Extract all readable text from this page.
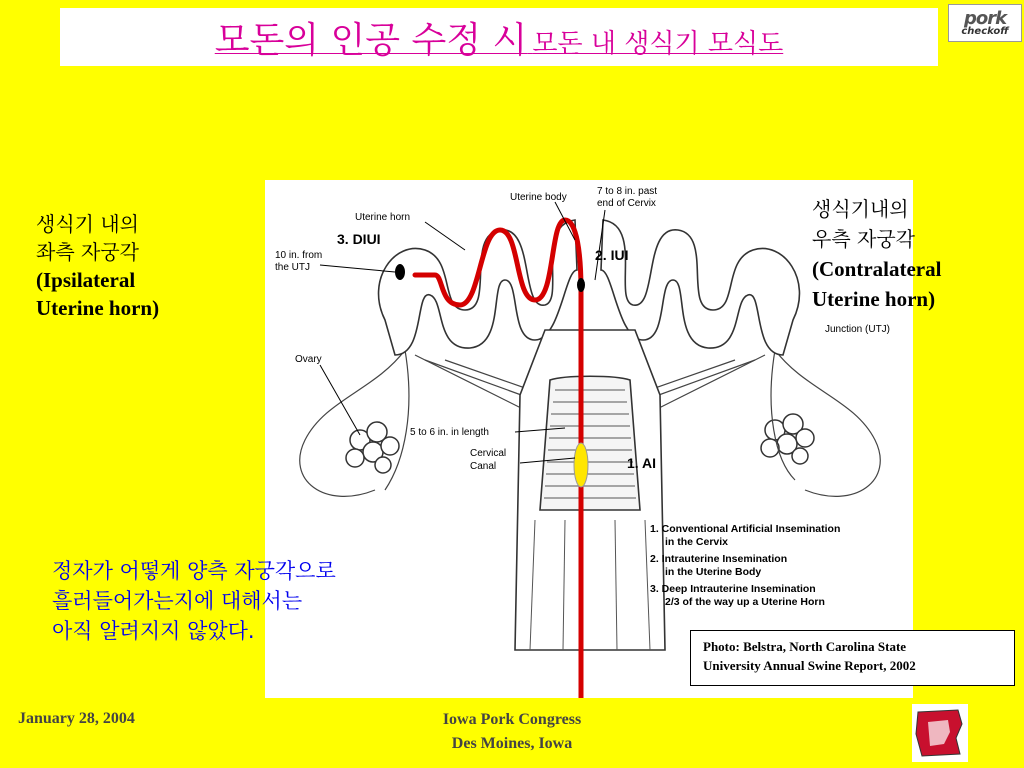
모돈의 인공 수정 시 모돈 내 생식기 모식도
pork
checkoff
생식기 내의
좌측 자궁각
(Ipsilateral
Uterine horn)
Uterine body
7 to 8 in. past
end of Cervix
Uterine horn
10 in. from
the UTJ
Junction (UTJ)
Ovary
5 to 6 in. in length
Cervical
Canal
3. DIUI
2. IUI
1. AI
1. Conventional Artificial Insemination
in the Cervix
2. Intrauterine Insemination
in the Uterine Body
3. Deep Intrauterine Insemination
2/3 of the way up a Uterine Horn
생식기내의
우측 자궁각
(Contralateral
Uterine horn)
정자가 어떻게 양측 자궁각으로
흘러들어가는지에 대해서는
아직 알려지지 않았다.
Photo: Belstra, North Carolina State
University Annual Swine Report, 2002
January 28, 2004	Iowa Pork Congress
Des Moines, Iowa
